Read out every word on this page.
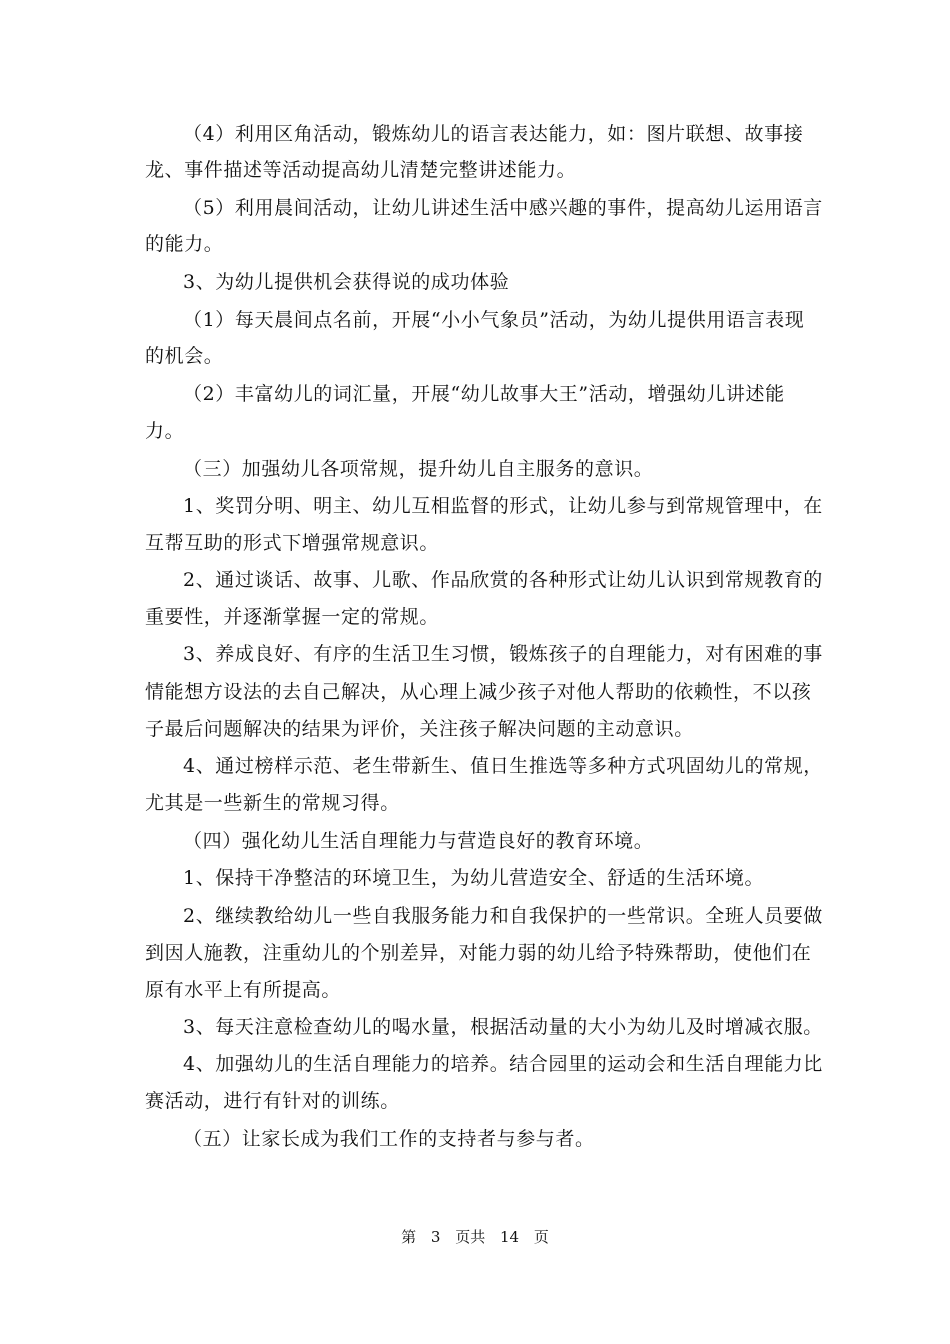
（4）利用区角活动，锻炼幼儿的语言表达能力，如：图片联想、故事接
龙、事件描述等活动提高幼儿清楚完整讲述能力。
（5）利用晨间活动，让幼儿讲述生活中感兴趣的事件，提高幼儿运用语言
的能力。
3、为幼儿提供机会获得说的成功体验
（1）每天晨间点名前，开展“小小气象员”活动，为幼儿提供用语言表现
的机会。
（2）丰富幼儿的词汇量，开展“幼儿故事大王”活动，增强幼儿讲述能
力。
（三）加强幼儿各项常规，提升幼儿自主服务的意识。
1、奖罚分明、明主、幼儿互相监督的形式，让幼儿参与到常规管理中，在
互帮互助的形式下增强常规意识。
2、通过谈话、故事、儿歌、作品欣赏的各种形式让幼儿认识到常规教育的
重要性，并逐渐掌握一定的常规。
3、养成良好、有序的生活卫生习惯，锻炼孩子的自理能力，对有困难的事
情能想方设法的去自己解决，从心理上减少孩子对他人帮助的依赖性，不以孩
子最后问题解决的结果为评价，关注孩子解决问题的主动意识。
4、通过榜样示范、老生带新生、值日生推选等多种方式巩固幼儿的常规，
尤其是一些新生的常规习得。
（四）强化幼儿生活自理能力与营造良好的教育环境。
1、保持干净整洁的环境卫生，为幼儿营造安全、舒适的生活环境。
2、继续教给幼儿一些自我服务能力和自我保护的一些常识。全班人员要做
到因人施教，注重幼儿的个别差异，对能力弱的幼儿给予特殊帮助，使他们在
原有水平上有所提高。
3、每天注意检查幼儿的喝水量，根据活动量的大小为幼儿及时增减衣服。
4、加强幼儿的生活自理能力的培养。结合园里的运动会和生活自理能力比
赛活动，进行有针对的训练。
（五）让家长成为我们工作的支持者与参与者。
第 3 页共 14 页
